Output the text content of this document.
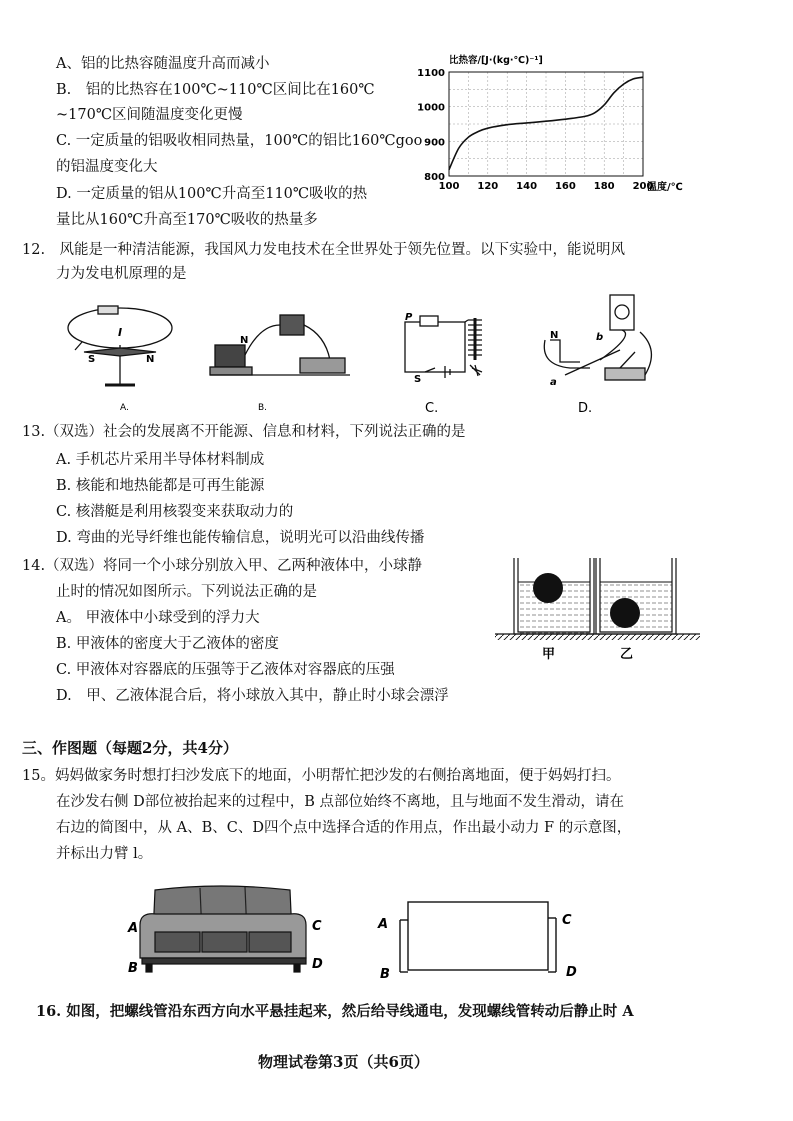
A、铝的比热容随温度升高而减小
B.　铝的比热容在100℃~110℃区间比在160℃
~170℃区间随温度变化更慢
C. 一定质量的铝吸收相同热量，100℃的铝比160℃goo
的铝温度变化大
D. 一定质量的铝从100℃升高至110℃吸收的热
量比从160℃升高至170℃吸收的热量多
100 120 140 160 180 200
800
900
1000
1100
比热容/[J·(kg·℃)⁻¹]
温度/℃
12.　风能是一种清洁能源，我国风力发电技术在全世界处于领先位置。以下实验中，能说明风
力为发电机原理的是
I
S	N
A.
N
B.
P
S
C.
N	b
a
D.
13.（双选）社会的发展离不开能源、信息和材料，下列说法正确的是
A. 手机芯片采用半导体材料制成
B. 核能和地热能都是可再生能源
C. 核潜艇是利用核裂变来获取动力的
D. 弯曲的光导纤维也能传输信息，说明光可以沿曲线传播
14.（双选）将同一个小球分别放入甲、乙两种液体中，小球静
止时的情况如图所示。下列说法正确的是
A。 甲液体中小球受到的浮力大
B. 甲液体的密度大于乙液体的密度
C. 甲液体对容器底的压强等于乙液体对容器底的压强
D.　甲、乙液体混合后，将小球放入其中，静止时小球会漂浮
甲	乙
三、作图题（每题2分，共4分）
15。妈妈做家务时想打扫沙发底下的地面，小明帮忙把沙发的右侧抬离地面，便于妈妈打扫。
在沙发右侧 D部位被抬起来的过程中，B 点部位始终不离地，且与地面不发生滑动，请在
右边的简图中，从 A、B、C、D四个点中选择合适的作用点，作出最小动力 F 的示意图，
并标出力臂 l。
A
B
C
D
A
B
C
D
16. 如图，把螺线管沿东西方向水平悬挂起来，然后给导线通电，发现螺线管转动后静止时 A
物理试卷第3页（共6页）
